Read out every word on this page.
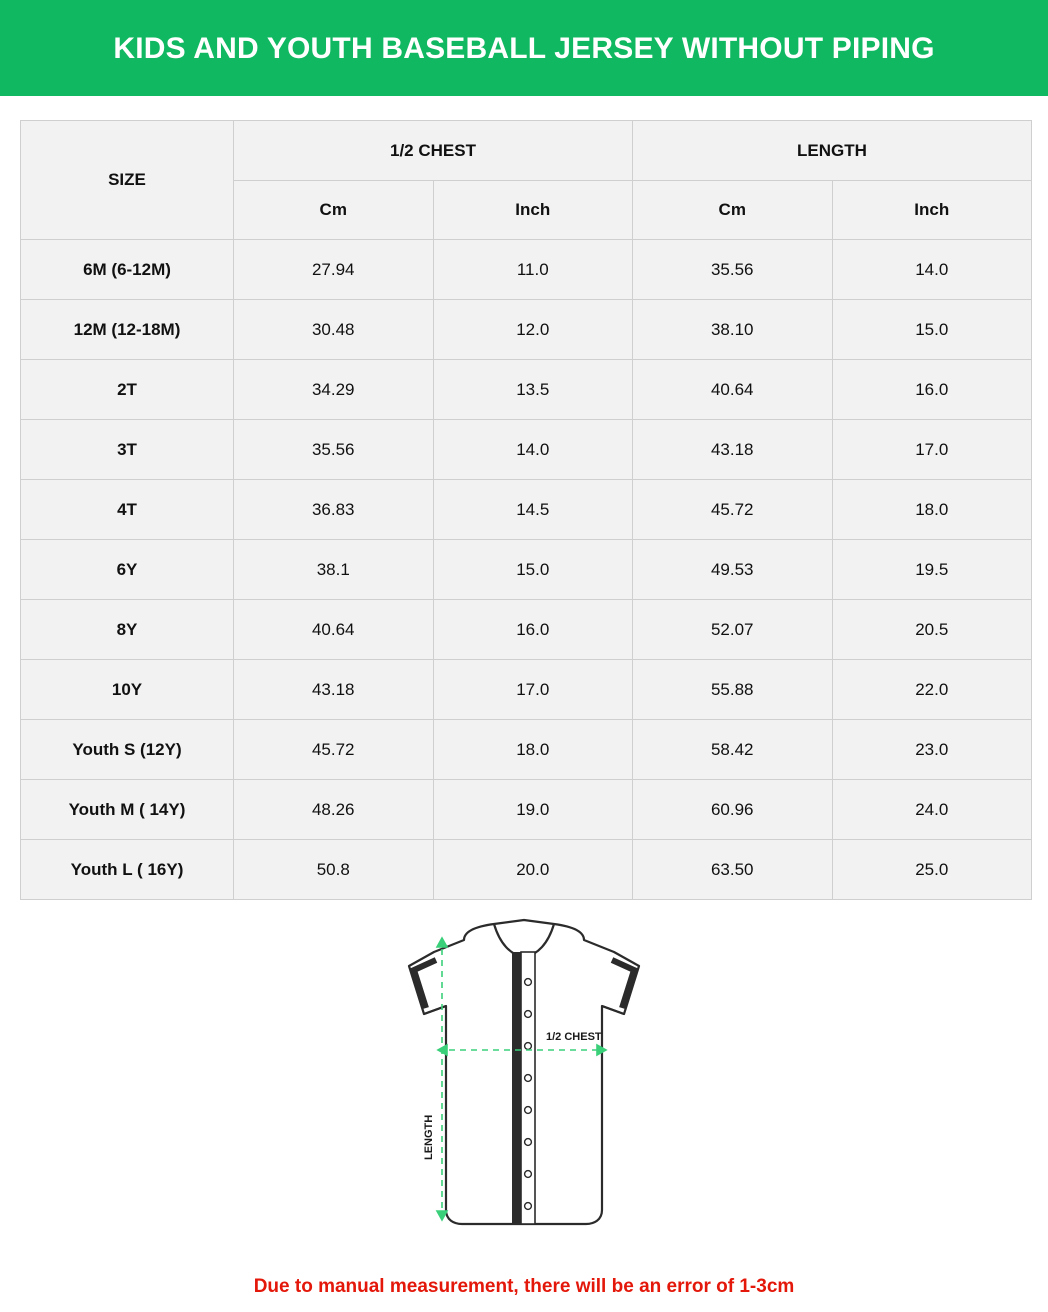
KIDS AND YOUTH BASEBALL JERSEY WITHOUT PIPING
SIZE	1/2 CHEST		LENGTH	
	Cm	Inch	Cm	Inch
6M (6-12M)	27.94	11.0	35.56	14.0
12M (12-18M)	30.48	12.0	38.10	15.0
2T	34.29	13.5	40.64	16.0
3T	35.56	14.0	43.18	17.0
4T	36.83	14.5	45.72	18.0
6Y	38.1	15.0	49.53	19.5
8Y	40.64	16.0	52.07	20.5
10Y	43.18	17.0	55.88	22.0
Youth S (12Y)	45.72	18.0	58.42	23.0
Youth M ( 14Y)	48.26	19.0	60.96	24.0
Youth L ( 16Y)	50.8	20.0	63.50	25.0
1/2 CHEST
LENGTH
Due to manual measurement, there will be an error of 1-3cm
